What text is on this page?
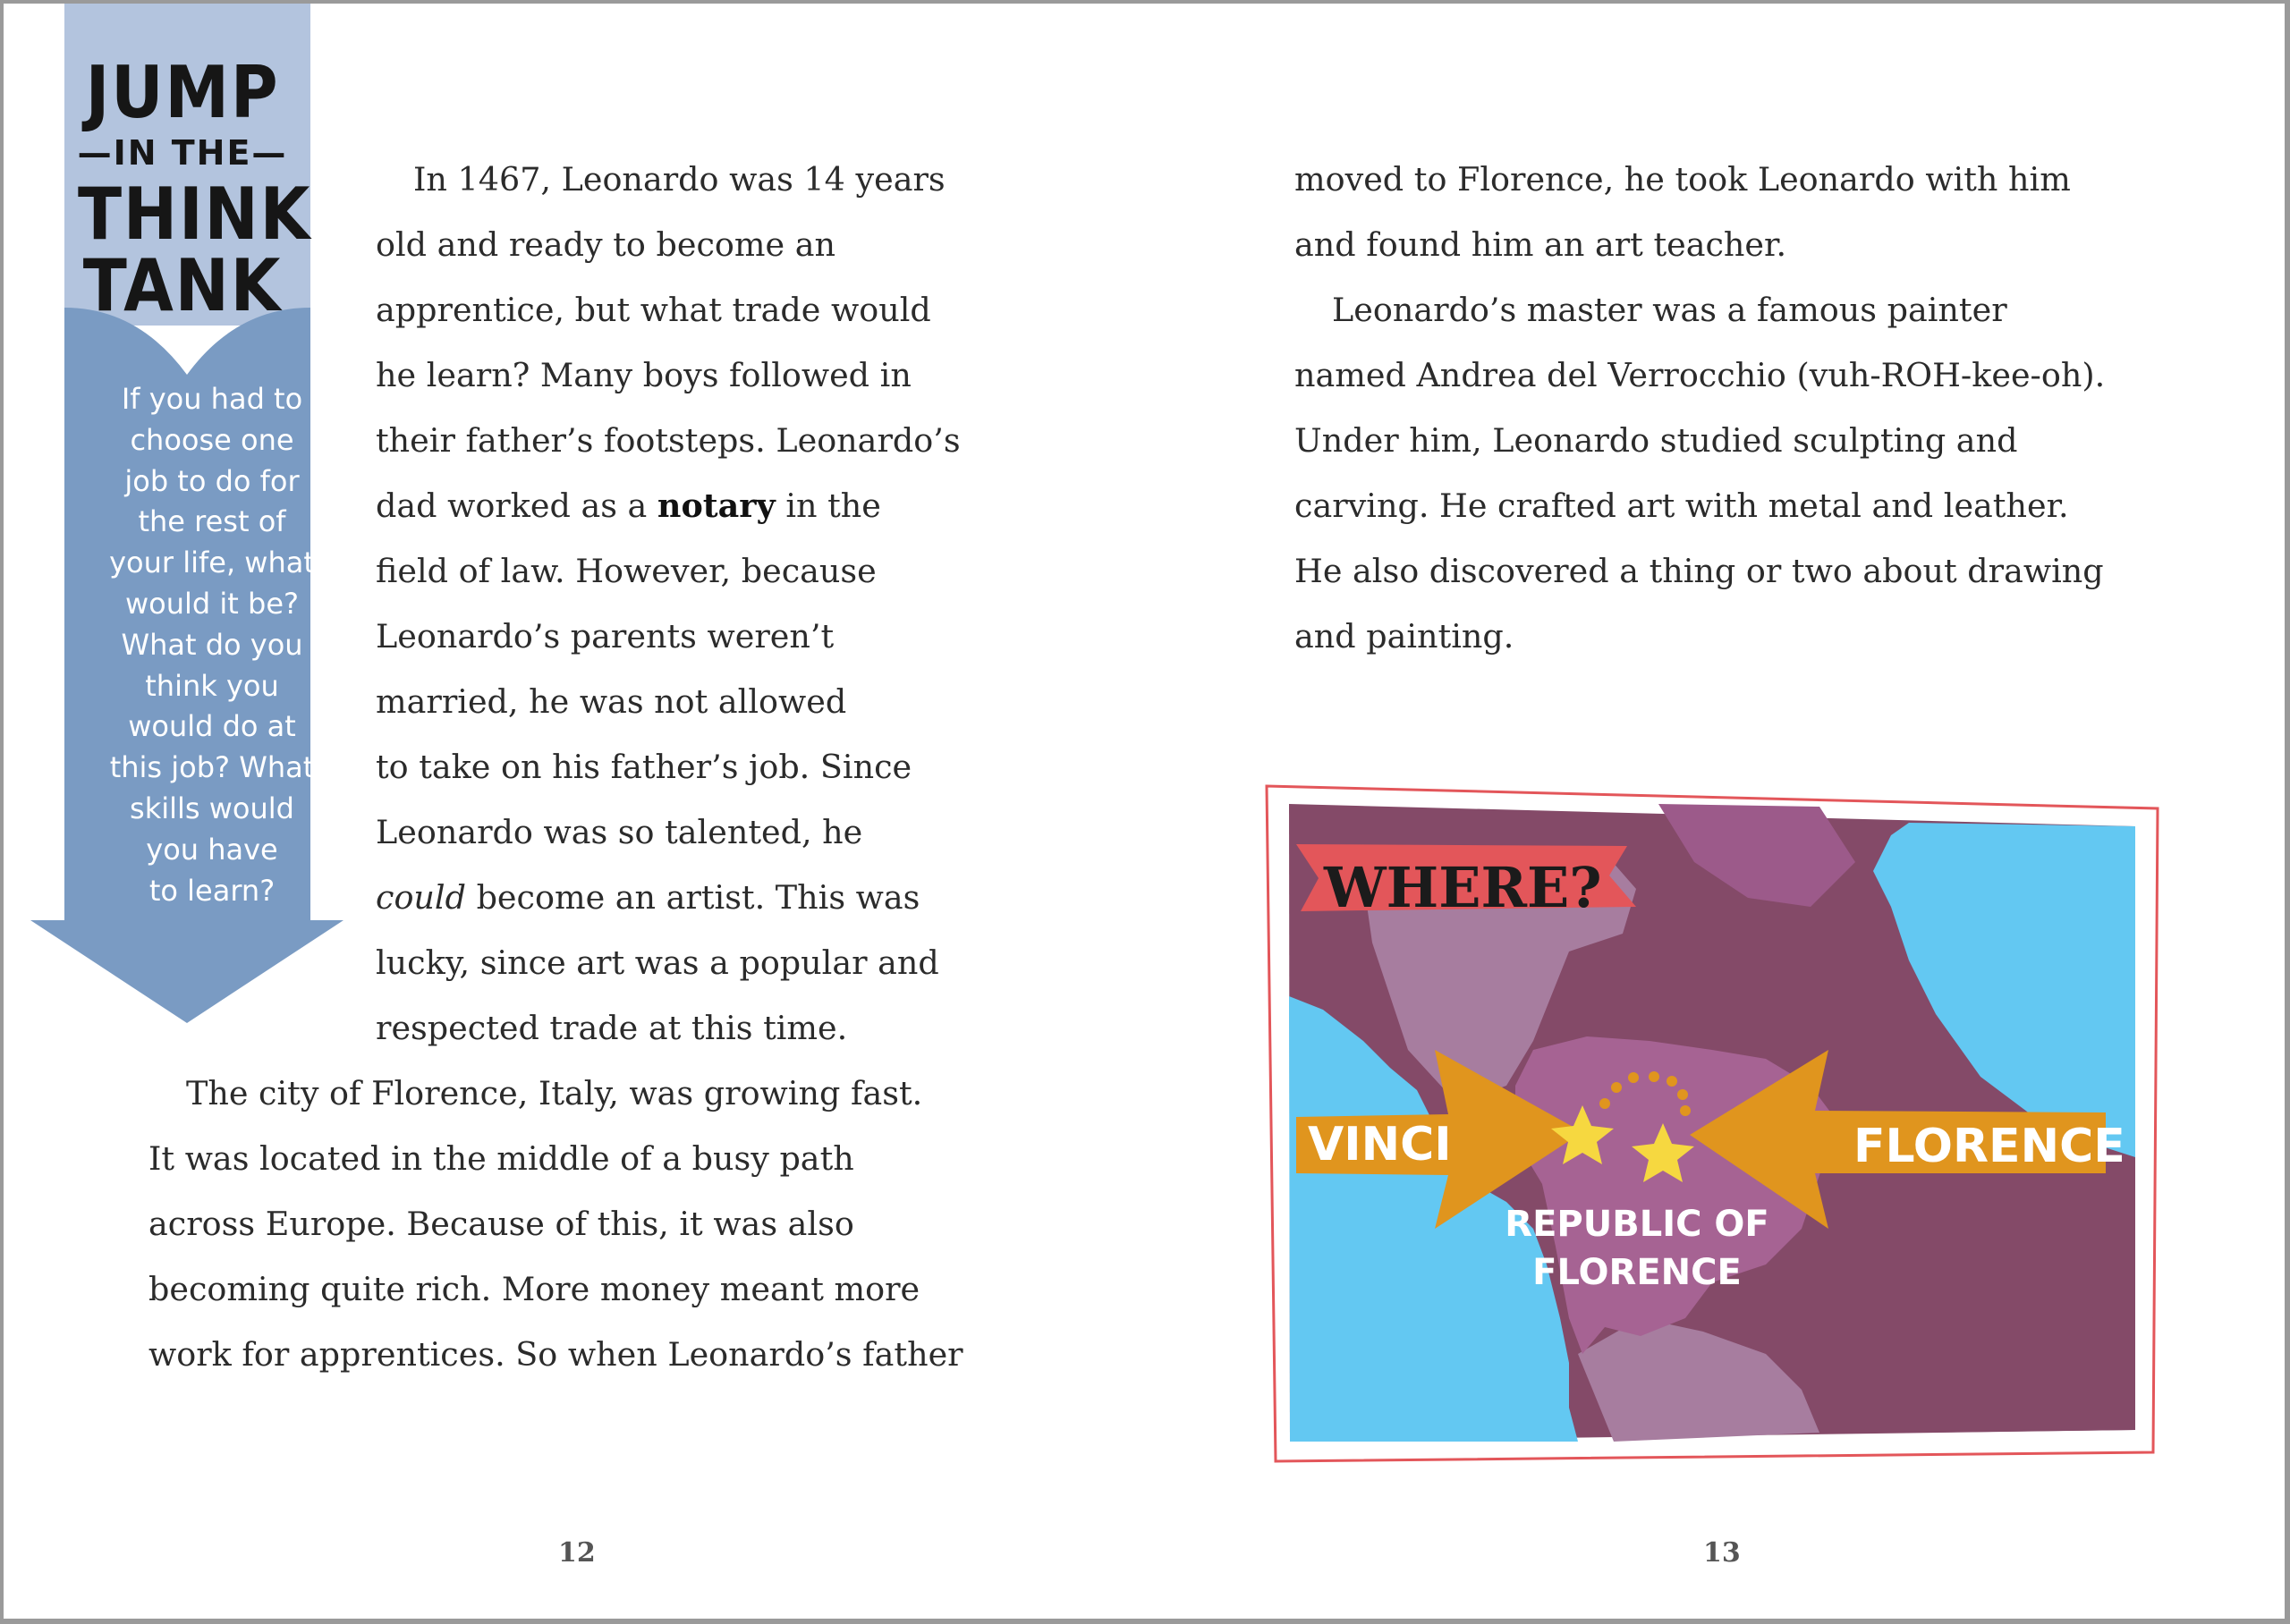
JUMP
—IN THE—
THINK
TANK
If you had to
choose one
job to do for
the rest of
your life, what
would it be?
What do you
think you
would do at
this job? What
skills would
you have
to learn?
In 1467, Leonardo was 14 years
old and ready to become an
apprentice, but what trade would
he learn? Many boys followed in
their father’s footsteps. Leonardo’s
dad worked as a notary in the
field of law. However, because
Leonardo’s parents weren’t
married, he was not allowed
to take on his father’s job. Since
Leonardo was so talented, he
could become an artist. This was
lucky, since art was a popular and
respected trade at this time.
The city of Florence, Italy, was growing fast.
It was located in the middle of a busy path
across Europe. Because of this, it was also
becoming quite rich. More money meant more
work for apprentices. So when Leonardo’s father
12
moved to Florence, he took Leonardo with him
and found him an art teacher.
Leonardo’s master was a famous painter
named Andrea del Verrocchio (vuh-ROH-kee-oh).
Under him, Leonardo studied sculpting and
carving. He crafted art with metal and leather.
He also discovered a thing or two about drawing
and painting.
WHERE?
VINCI	FLORENCE
REPUBLIC OF
FLORENCE
13
